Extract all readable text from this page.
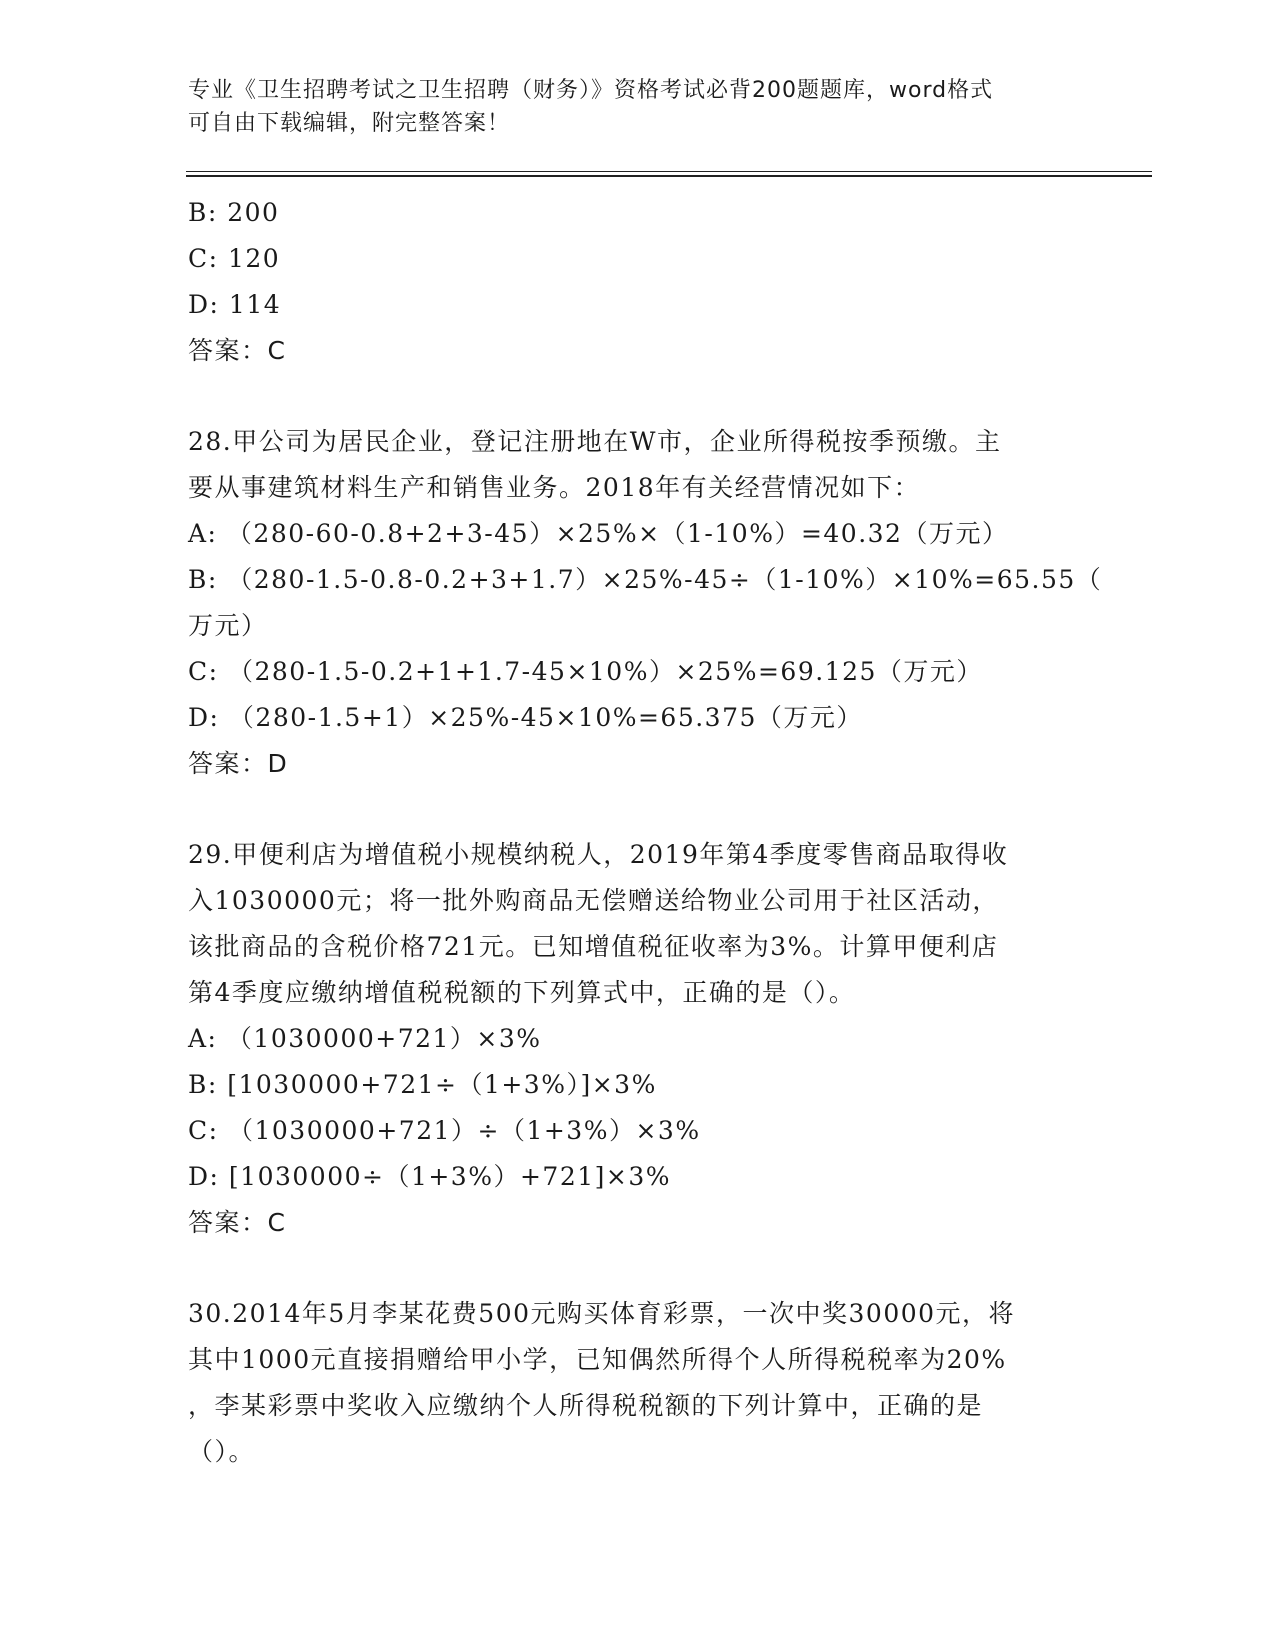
专业《卫生招聘考试之卫生招聘（财务）》资格考试必背200题题库，word格式
可自由下载编辑，附完整答案！
B: 200
C: 120
D: 114
答案：C
28.甲公司为居民企业，登记注册地在W市，企业所得税按季预缴。主
要从事建筑材料生产和销售业务。2018年有关经营情况如下：
A: （280-60-0.8+2+3-45）×25%×（1-10%）=40.32（万元）
B: （280-1.5-0.8-0.2+3+1.7）×25%-45÷（1-10%）×10%=65.55（
万元）
C: （280-1.5-0.2+1+1.7-45×10%）×25%=69.125（万元）
D: （280-1.5+1）×25%-45×10%=65.375（万元）
答案：D
29.甲便利店为增值税小规模纳税人，2019年第4季度零售商品取得收
入1030000元；将一批外购商品无偿赠送给物业公司用于社区活动，
该批商品的含税价格721元。已知增值税征收率为3%。计算甲便利店
第4季度应缴纳增值税税额的下列算式中，正确的是（）。
A: （1030000+721）×3%
B: [1030000+721÷（1+3%）]×3%
C: （1030000+721）÷（1+3%）×3%
D: [1030000÷（1+3%）+721]×3%
答案：C
30.2014年5月李某花费500元购买体育彩票，一次中奖30000元，将
其中1000元直接捐赠给甲小学，已知偶然所得个人所得税税率为20%
，李某彩票中奖收入应缴纳个人所得税税额的下列计算中，正确的是
（）。
